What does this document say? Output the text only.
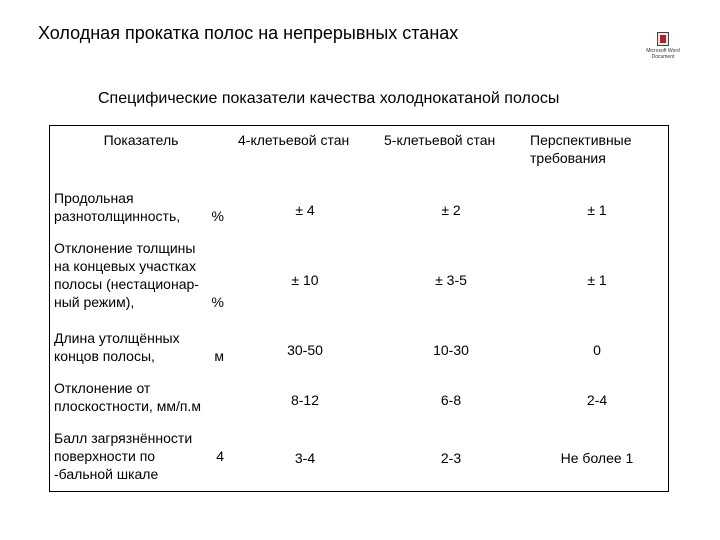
Холодная прокатка полос на непрерывных станах
Microsoft Word Document
Специфические показатели качества холоднокатаной полосы
Показатель	4-клетьевой стан	5-клетьевой стан	Перспективные требования

Продольная
разнотолщинность, %	± 4	± 2	± 1

Отклонение толщины
на концевых участках
полосы (нестационар-
ный режим), %	± 10	± 3-5	± 1

Длина утолщённых
концов полосы, м	30-50	10-30	0

Отклонение от
плоскостности, мм/п.м	8-12	6-8	2-4

Балл загрязнённости
поверхности по 4
-бальной шкале	3-4	2-3	Не более 1
